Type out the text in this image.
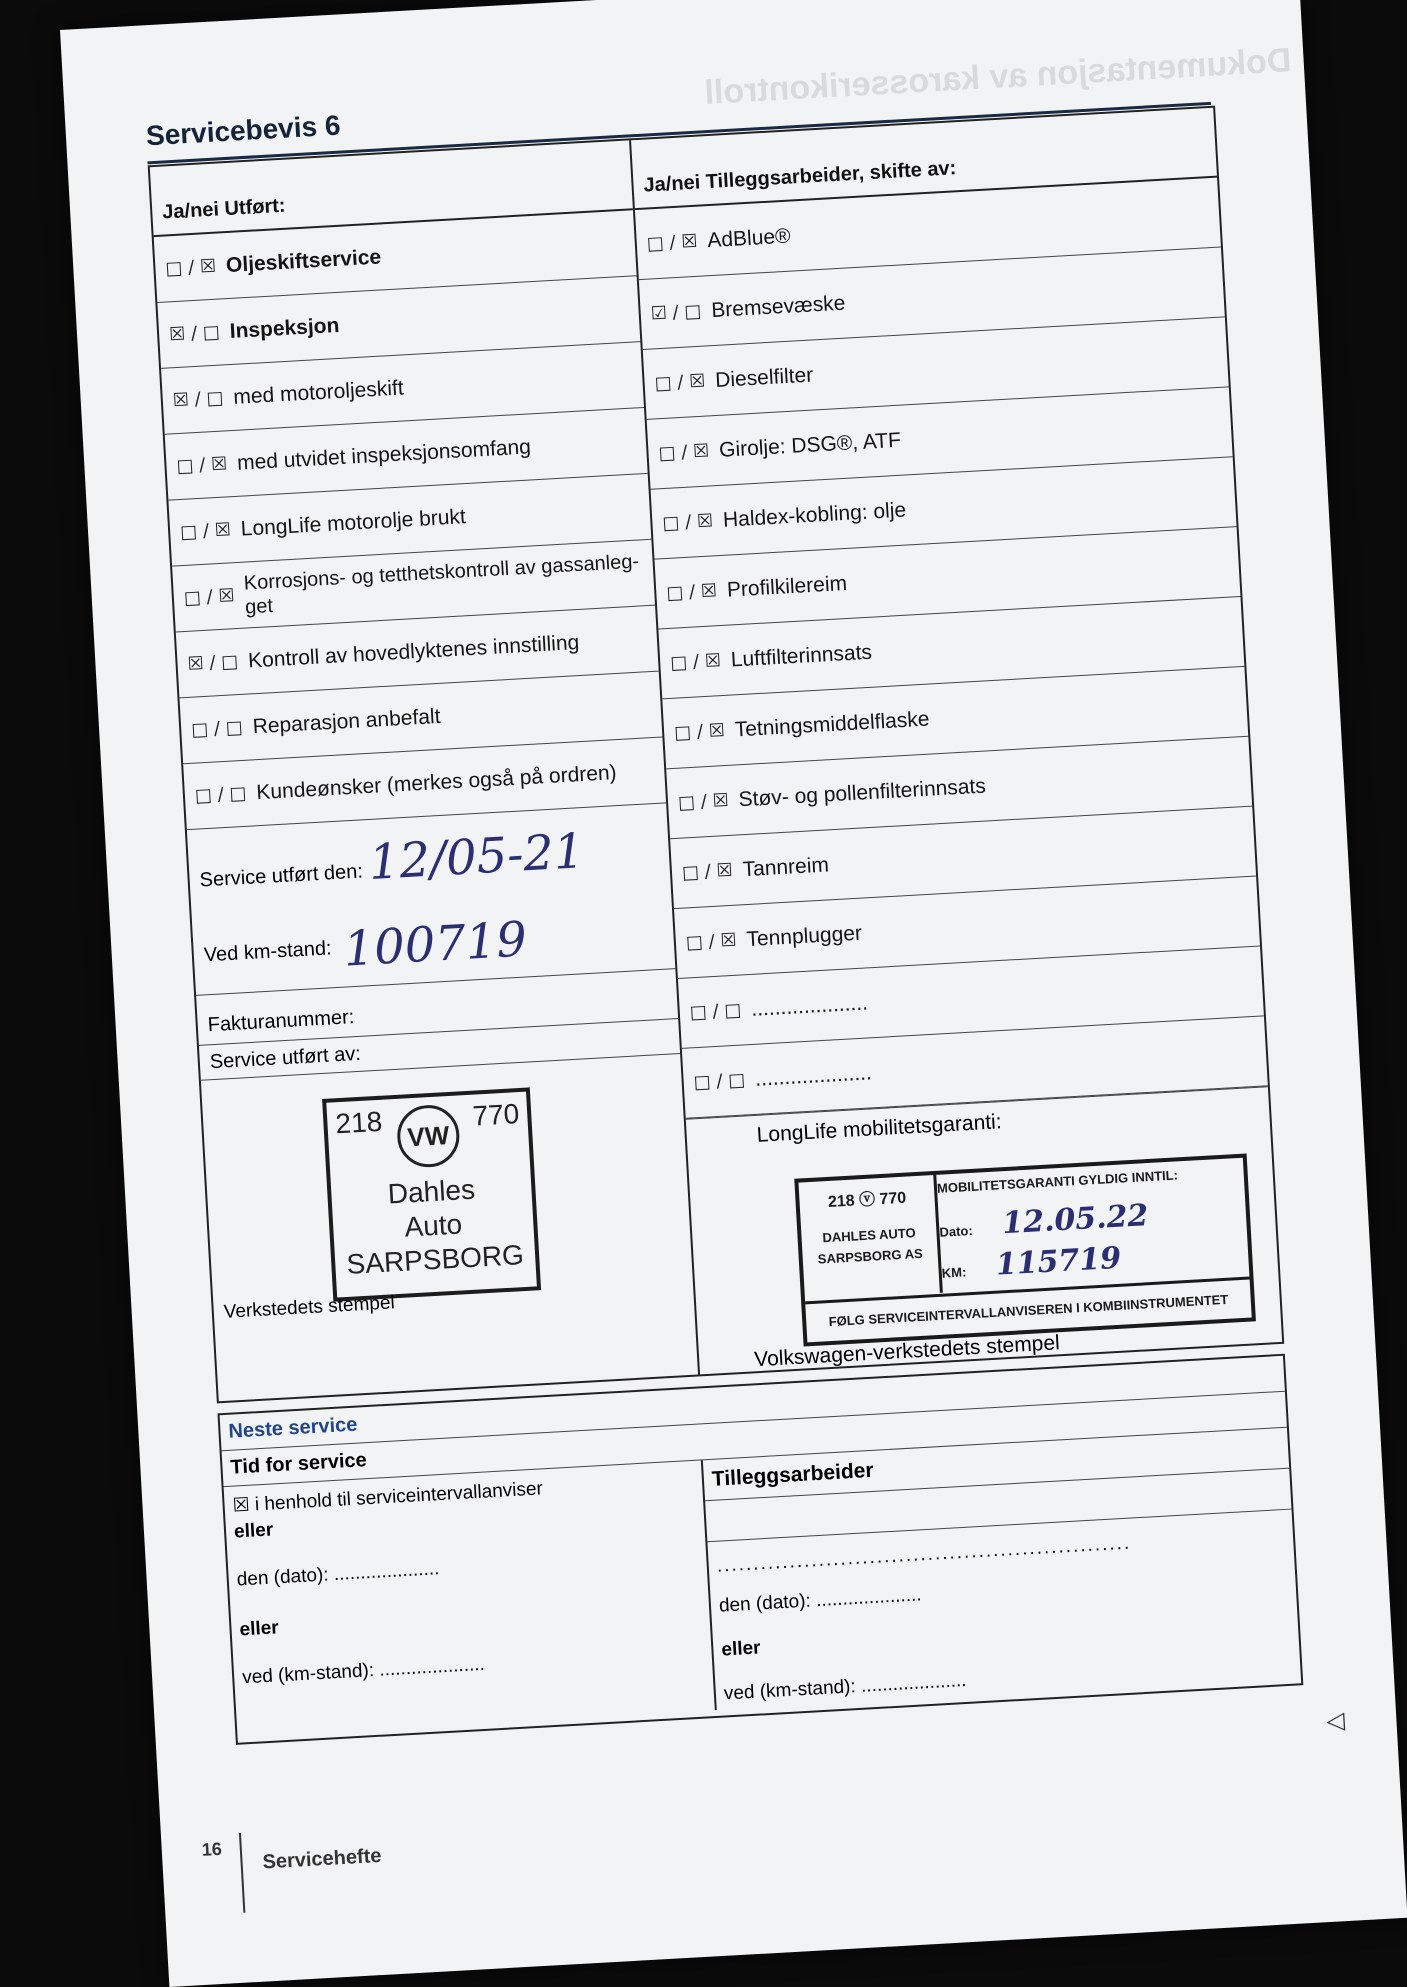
Dokumentasjon av karosserikontroll
Servicebevis 6
Ja/nei Utført:
□ / ☒ Oljeskiftservice
☒ / □ Inspeksjon
☒ / □ med motoroljeskift
□ / ☒ med utvidet inspeksjonsomfang
□ / ☒ LongLife motorolje brukt
□ / ☒
Korrosjons- og tetthetskontroll av gassanleg-get
☒ / □ Kontroll av hovedlyktenes innstilling
□ / □ Reparasjon anbefalt
□ / □ Kundeønsker (merkes også på ordren)
Service utført den: 12/05-21
Ved km-stand: 100719
Fakturanummer:
Service utført av:
218	770
VW
Dahles
Auto
SARPSBORG
Verkstedets stempel
Ja/nei Tilleggsarbeider, skifte av:
□ / ☒ AdBlue®
☑ / □ Bremsevæske
□ / ☒ Dieselfilter
□ / ☒ Girolje: DSG®, ATF
□ / ☒ Haldex-kobling: olje
□ / ☒ Profilkilereim
□ / ☒ Luftfilterinnsats
□ / ☒ Tetningsmiddelflaske
□ / ☒ Støv- og pollenfilterinnsats
□ / ☒ Tannreim
□ / ☒ Tennplugger
□ / □ ....................
□ / □ ....................
LongLife mobilitetsgaranti:
218 ⓥ 770
DAHLES AUTO
SARPSBORG AS
MOBILITETSGARANTI GYLDIG INNTIL:
Dato: 12.05.22
KM: 115719
FØLG SERVICEINTERVALLANVISEREN I KOMBIINSTRUMENTET
Volkswagen-verkstedets stempel
Neste service
Tid for service
☒ i henhold til serviceintervallanviser
eller
den (dato): ....................
eller
ved (km-stand): ....................
Tilleggsarbeider
.........................................................
den (dato): ....................
eller
ved (km-stand): ....................
◁
16 Servicehefte
